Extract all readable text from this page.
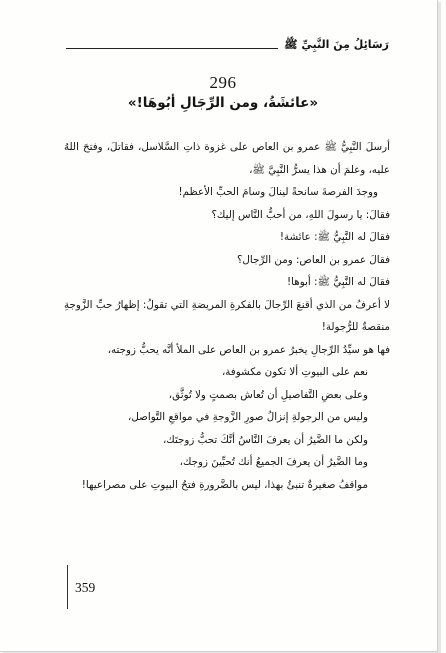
رَسَائِلُ مِنَ النَّبِيِّ ﷺ
296
«عائشَةُ، ومن الرِّجَالِ أبُوهَا!»

أرسلَ النَّبِيُّ ﷺ عمرو بن العاص على غزوة ذاتِ السَّلاسل، فقاتلَ، وفتحَ اللهُ عليه، وعلمَ أن هذا يسرُّ النَّبِيَّ ﷺ،

ووجدَ الفرصةَ سانحةً لينالَ وسامَ الحبِّ الأعظم!

فقالَ: يا رسولَ اللهِ، من أحبُّ النَّاس إليك؟

فقالَ له النَّبِيُّ ﷺ: عائشة!

فقالَ عمرو بن العاص: ومن الرِّجال؟

فقالَ له النَّبِيُّ ﷺ: أبوها!

لا أعرفُ من الذي أقنعَ الرِّجالَ بالفكرةِ المريضةِ التي تقولُ: إظهارُ حبِّ الزَّوجةِ منقصةٌ للرُّجولة!

فها هو سيِّدُ الرِّجالِ يخبرُ عمرو بن العاص على الملأ أنَّه يحبُّ زوجته،

نعم على البيوتِ ألا تكون مكشوفة،

وعلى بعضِ التَّفاصيلِ أن تُعاش بصمتٍ ولا تُوثَّق،

وليس من الرجولةِ إنزالُ صورِ الزَّوجةِ في مواقعِ التَّواصل،

ولكن ما الضَّيرُ أن يعرفَ النَّاسُ أنَّكَ تحبُّ زوجتَك،

وما الضَّيرُ أن يعرفَ الجميعُ أنك تُحبِّينَ زوجك،

مواقفُ صغيرةٌ تنبئُ بهذا، ليس بالضَّرورةِ فتحُ البيوتِ على مصراعيها!

359
